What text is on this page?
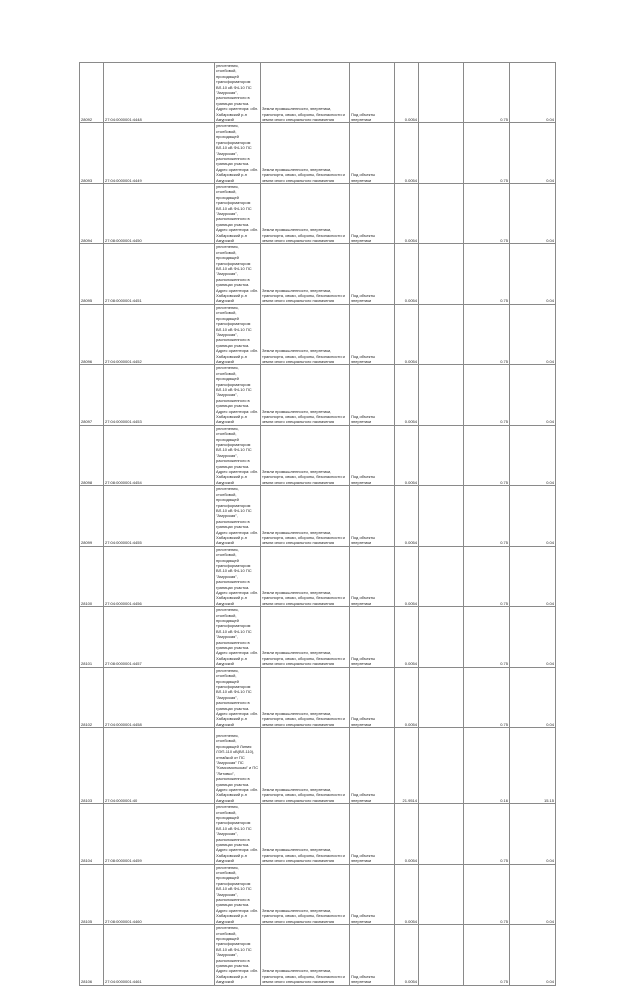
28092	27:04:0000001:4448	уплотнения, столбовой, проходящей трансформатором ВЛ-10 кВ Ф4-10 ПС "Амурская", расположенного в границах участка. Адрес ориентира: обл. Хабаровский р-н Амурский	Земли промышленности, энергетики, транспорта, связи, обороны, безопасности и земли иного специального назначения	Под объекты энергетики	0.0054		0.75	0.04
28093	27:04:0000001:4449	уплотнения, столбовой, проходящей трансформатором ВЛ-10 кВ Ф4-10 ПС "Амурская", расположенного в границах участка. Адрес ориентира: обл. Хабаровский р-н Амурский	Земли промышленности, энергетики, транспорта, связи, обороны, безопасности и земли иного специального назначения	Под объекты энергетики	0.0054		0.75	0.04
28094	27:08:0000001:4450	уплотнения, столбовой, проходящей трансформатором ВЛ-10 кВ Ф4-10 ПС "Амурская", расположенного в границах участка. Адрес ориентира: обл. Хабаровский р-н Амурский	Земли промышленности, энергетики, транспорта, связи, обороны, безопасности и земли иного специального назначения	Под объекты энергетики	0.0054		0.75	0.04
28095	27:08:0000001:4451	уплотнения, столбовой, проходящей трансформатором ВЛ-10 кВ Ф4-10 ПС "Амурская", расположенного в границах участка. Адрес ориентира: обл. Хабаровский р-н Амурский	Земли промышленности, энергетики, транспорта, связи, обороны, безопасности и земли иного специального назначения	Под объекты энергетики	0.0054		0.75	0.04
28096	27:04:0000001:4452	уплотнения, столбовой, проходящей трансформатором ВЛ-10 кВ Ф4-10 ПС "Амурская", расположенного в границах участка. Адрес ориентира: обл. Хабаровский р-н Амурский	Земли промышленности, энергетики, транспорта, связи, обороны, безопасности и земли иного специального назначения	Под объекты энергетики	0.0054		0.75	0.04
28097	27:04:0000001:4453	уплотнения, столбовой, проходящей трансформатором ВЛ-10 кВ Ф4-10 ПС "Амурская", расположенного в границах участка. Адрес ориентира: обл. Хабаровский р-н Амурский	Земли промышленности, энергетики, транспорта, связи, обороны, безопасности и земли иного специального назначения	Под объекты энергетики	0.0054		0.75	0.04
28098	27:08:0000001:4454	уплотнения, столбовой, проходящей трансформатором ВЛ-10 кВ Ф4-10 ПС "Амурская", расположенного в границах участка. Адрес ориентира: обл. Хабаровский р-н Амурский	Земли промышленности, энергетики, транспорта, связи, обороны, безопасности и земли иного специального назначения	Под объекты энергетики	0.0054		0.75	0.04
28099	27:04:0000001:4455	уплотнения, столбовой, проходящей трансформатором ВЛ-10 кВ Ф4-10 ПС "Амурская", расположенного в границах участка. Адрес ориентира: обл. Хабаровский р-н Амурский	Земли промышленности, энергетики, транспорта, связи, обороны, безопасности и земли иного специального назначения	Под объекты энергетики	0.0054		0.75	0.04
28100	27:04:0000001:4456	уплотнения, столбовой, проходящей трансформатором ВЛ-10 кВ Ф4-10 ПС "Амурская", расположенного в границах участка. Адрес ориентира: обл. Хабаровский р-н Амурский	Земли промышленности, энергетики, транспорта, связи, обороны, безопасности и земли иного специального назначения	Под объекты энергетики	0.0054		0.75	0.04
28101	27:08:0000001:4457	уплотнения, столбовой, проходящей трансформатором ВЛ-10 кВ Ф4-10 ПС "Амурская", расположенного в границах участка. Адрес ориентира: обл. Хабаровский р-н Амурский	Земли промышленности, энергетики, транспорта, связи, обороны, безопасности и земли иного специального назначения	Под объекты энергетики	0.0054		0.75	0.04
28102	27:04:0000001:4458	уплотнения, столбовой, проходящей трансформатором ВЛ-10 кВ Ф4-10 ПС "Амурская", расположенного в границах участка. Адрес ориентира: обл. Хабаровский р-н Амурский	Земли промышленности, энергетики, транспорта, связи, обороны, безопасности и земли иного специального назначения	Под объекты энергетики	0.0054		0.75	0.04
28103	27:04:0000001:40	уплотнения, столбовой, проходящей Линия ЛЭП-110 кВ(ВЛ-110), отпайкой от ПС "Амурская" ПС "Комсомольская" и ПС "Литовко", расположенного в границах участка. Адрес ориентира: обл. Хабаровский р-н Амурский	Земли промышленности, энергетики, транспорта, связи, обороны, безопасности и земли иного специального назначения	Под объекты энергетики	21.9514		0.16	15.15
28104	27:08:0000001:4459	уплотнения, столбовой, проходящей трансформатором ВЛ-10 кВ Ф4-10 ПС "Амурская", расположенного в границах участка. Адрес ориентира: обл. Хабаровский р-н Амурский	Земли промышленности, энергетики, транспорта, связи, обороны, безопасности и земли иного специального назначения	Под объекты энергетики	0.0054		0.75	0.04
28105	27:08:0000001:4460	уплотнения, столбовой, проходящей трансформатором ВЛ-10 кВ Ф4-10 ПС "Амурская", расположенного в границах участка. Адрес ориентира: обл. Хабаровский р-н Амурский	Земли промышленности, энергетики, транспорта, связи, обороны, безопасности и земли иного специального назначения	Под объекты энергетики	0.0054		0.75	0.04
28106	27:04:0000001:4461	уплотнения, столбовой, проходящей трансформатором ВЛ-10 кВ Ф4-10 ПС "Амурская", расположенного в границах участка. Адрес ориентира: обл. Хабаровский р-н Амурский	Земли промышленности, энергетики, транспорта, связи, обороны, безопасности и земли иного специального назначения	Под объекты энергетики	0.0054		0.75	0.04
